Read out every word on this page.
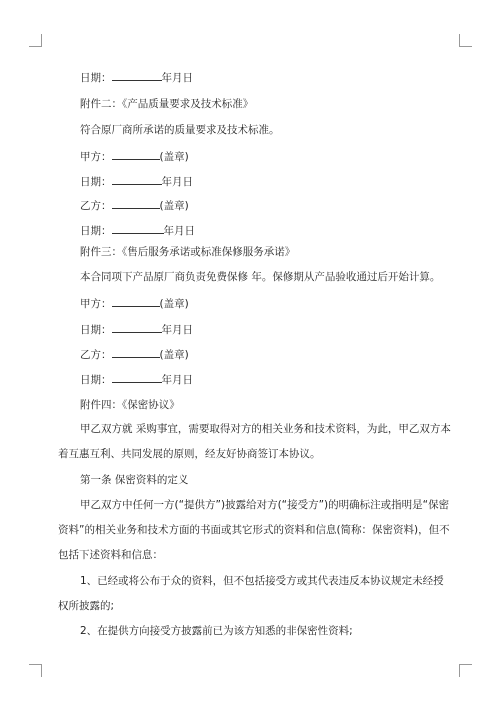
日期：	年月日
附件二：《产品质量要求及技术标准》
符合原厂商所承诺的质量要求及技术标准。
甲方：	(盖章)
日期：	年月日
乙方：	(盖章)
日期：	年月日
附件三：《售后服务承诺或标准保修服务承诺》
本合同项下产品原厂商负责免费保修 年。保修期从产品验收通过后开始计算。
甲方：	(盖章)
日期：	年月日
乙方：	(盖章)
日期：	年月日
附件四：《保密协议》
甲乙双方就 采购事宜，需要取得对方的相关业务和技术资料，为此，甲乙双方本
着互惠互利、共同发展的原则，经友好协商签订本协议。
第一条 保密资料的定义
甲乙双方中任何一方(“提供方”)披露给对方(“接受方”)的明确标注或指明是“保密
资料”的相关业务和技术方面的书面或其它形式的资料和信息(简称：保密资料)，但不
包括下述资料和信息：
1、已经或将公布于众的资料，但不包括接受方或其代表违反本协议规定未经授
权所披露的;
2、在提供方向接受方披露前已为该方知悉的非保密性资料;
